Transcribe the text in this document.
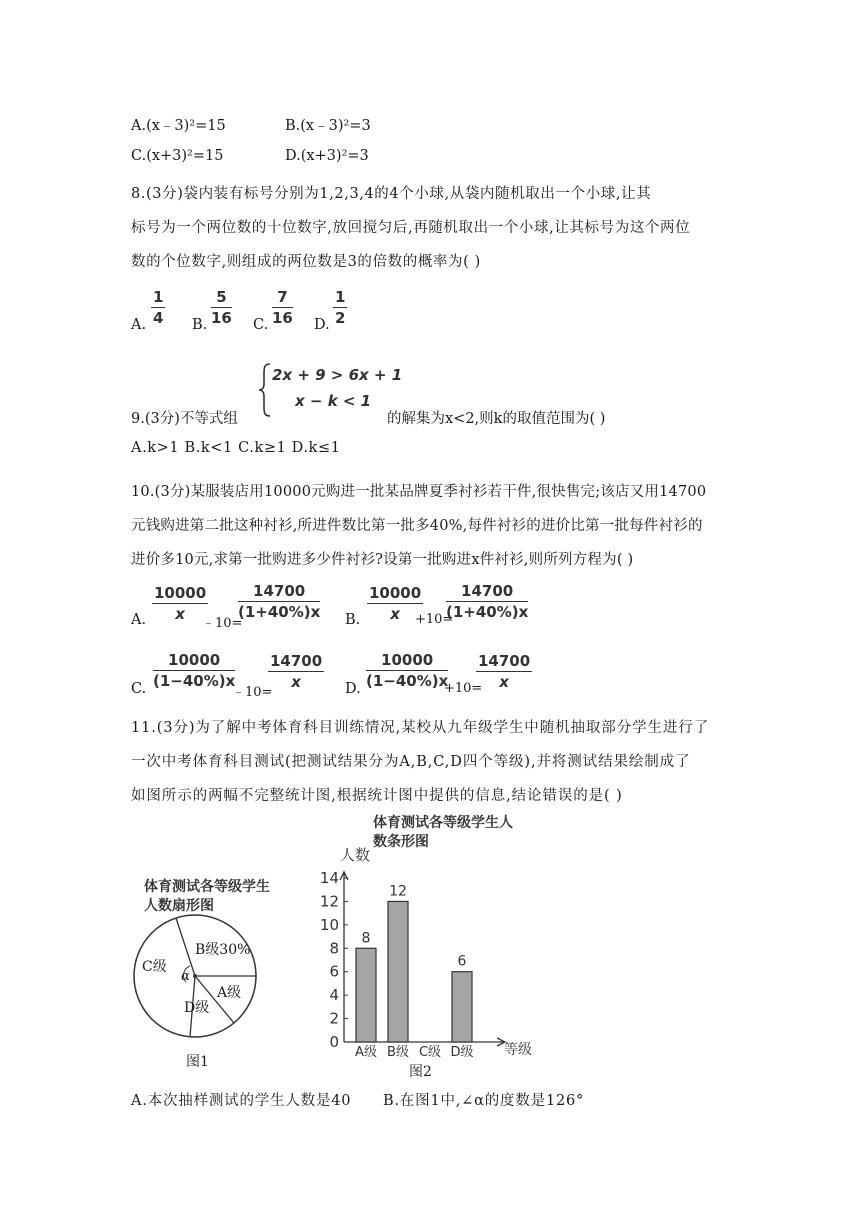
A.(x﹣3)²=15	B.(x﹣3)²=3
C.(x+3)²=15	D.(x+3)²=3
8.(3分)袋内装有标号分别为1,2,3,4的4个小球,从袋内随机取出一个小球,让其
标号为一个两位数的十位数字,放回搅匀后,再随机取出一个小球,让其标号为这个两位
数的个位数字,则组成的两位数是3的倍数的概率为( )
A. $\frac{1}{4} B$. $\frac{5}{16} C$. $\frac{7}{16} D$. $\frac{1}{2}$
9.(3分)不等式组
2x + 9 > 6x + 1
x − k < 1
的解集为x<2,则k的取值范围为( )
A.k>1 B.k<1 C.k≥1 D.k≤1
10.(3分)某服装店用10000元购进一批某品牌夏季衬衫若干件,很快售完;该店又用14700
元钱购进第二批这种衬衫,所进件数比第一批多40%,每件衬衫的进价比第一批每件衬衫的
进价多10元,求第一批购进多少件衬衫?设第一批购进x件衬衫,则所列方程为( )
A. $\frac{10000}{x}$
﹣10=
$\frac{14700}{(1+40\%)x} B$. $\frac{10000}{x}$
+10=
$\frac{14700}{(1+40\%)x}$
C. $\frac{10000}{(1-40\%)x}$
﹣10=
$\frac{14700}{x} D$. $\frac{10000}{(1-40\%)x}$
+10=
$\frac{14700}{x}$
11.(3分)为了解中考体育科目训练情况,某校从九年级学生中随机抽取部分学生进行了
一次中考体育科目测试(把测试结果分为A,B,C,D四个等级),并将测试结果绘制成了
如图所示的两幅不完整统计图,根据统计图中提供的信息,结论错误的是( )
体育测试各等级学生
人数扇形图
B级30%
C级
α
A级
D级
图1
体育测试各等级学生人
数条形图
人数
等级
0
2
4
6
8
10
12
14
8
A级
12
B级 C级
6
D级
图2
A.本次抽样测试的学生人数是40 B.在图1中,∠α的度数是126°
